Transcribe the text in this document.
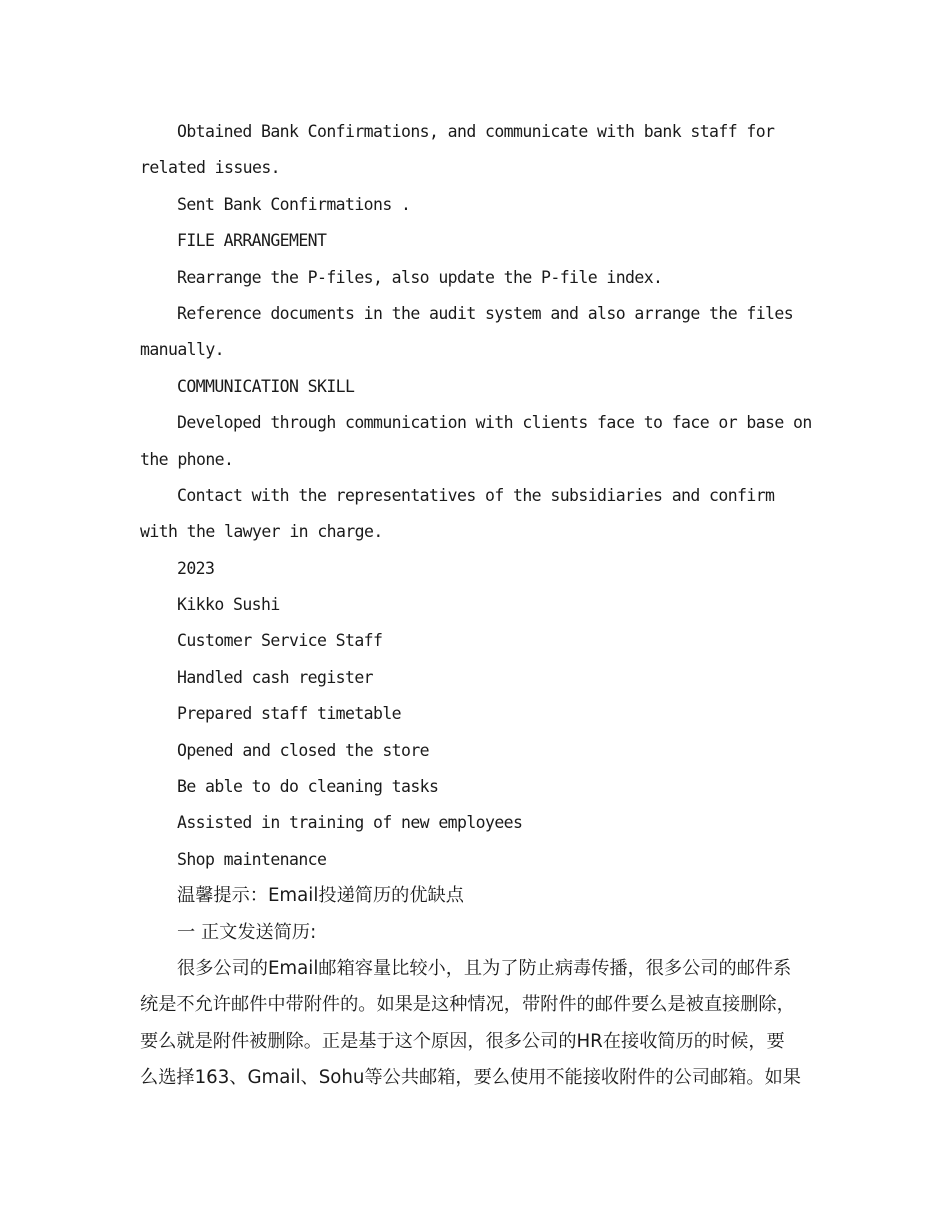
Obtained Bank Confirmations, and communicate with bank staff for

related issues.

Sent Bank Confirmations .

FILE ARRANGEMENT

Rearrange the P-files, also update the P-file index.

Reference documents in the audit system and also arrange the files

manually.

COMMUNICATION SKILL

Developed through communication with clients face to face or base on

the phone.

Contact with the representatives of the subsidiaries and confirm

with the lawyer in charge.

2023

Kikko Sushi

Customer Service Staff

Handled cash register

Prepared staff timetable

Opened and closed the store

Be able to do cleaning tasks

Assisted in training of new employees

Shop maintenance

温馨提示：Email投递简历的优缺点

一 正文发送简历:

很多公司的Email邮箱容量比较小，且为了防止病毒传播，很多公司的邮件系

统是不允许邮件中带附件的。如果是这种情况，带附件的邮件要么是被直接删除，

要么就是附件被删除。正是基于这个原因，很多公司的HR在接收简历的时候，要

么选择163、Gmail、Sohu等公共邮箱，要么使用不能接收附件的公司邮箱。如果
